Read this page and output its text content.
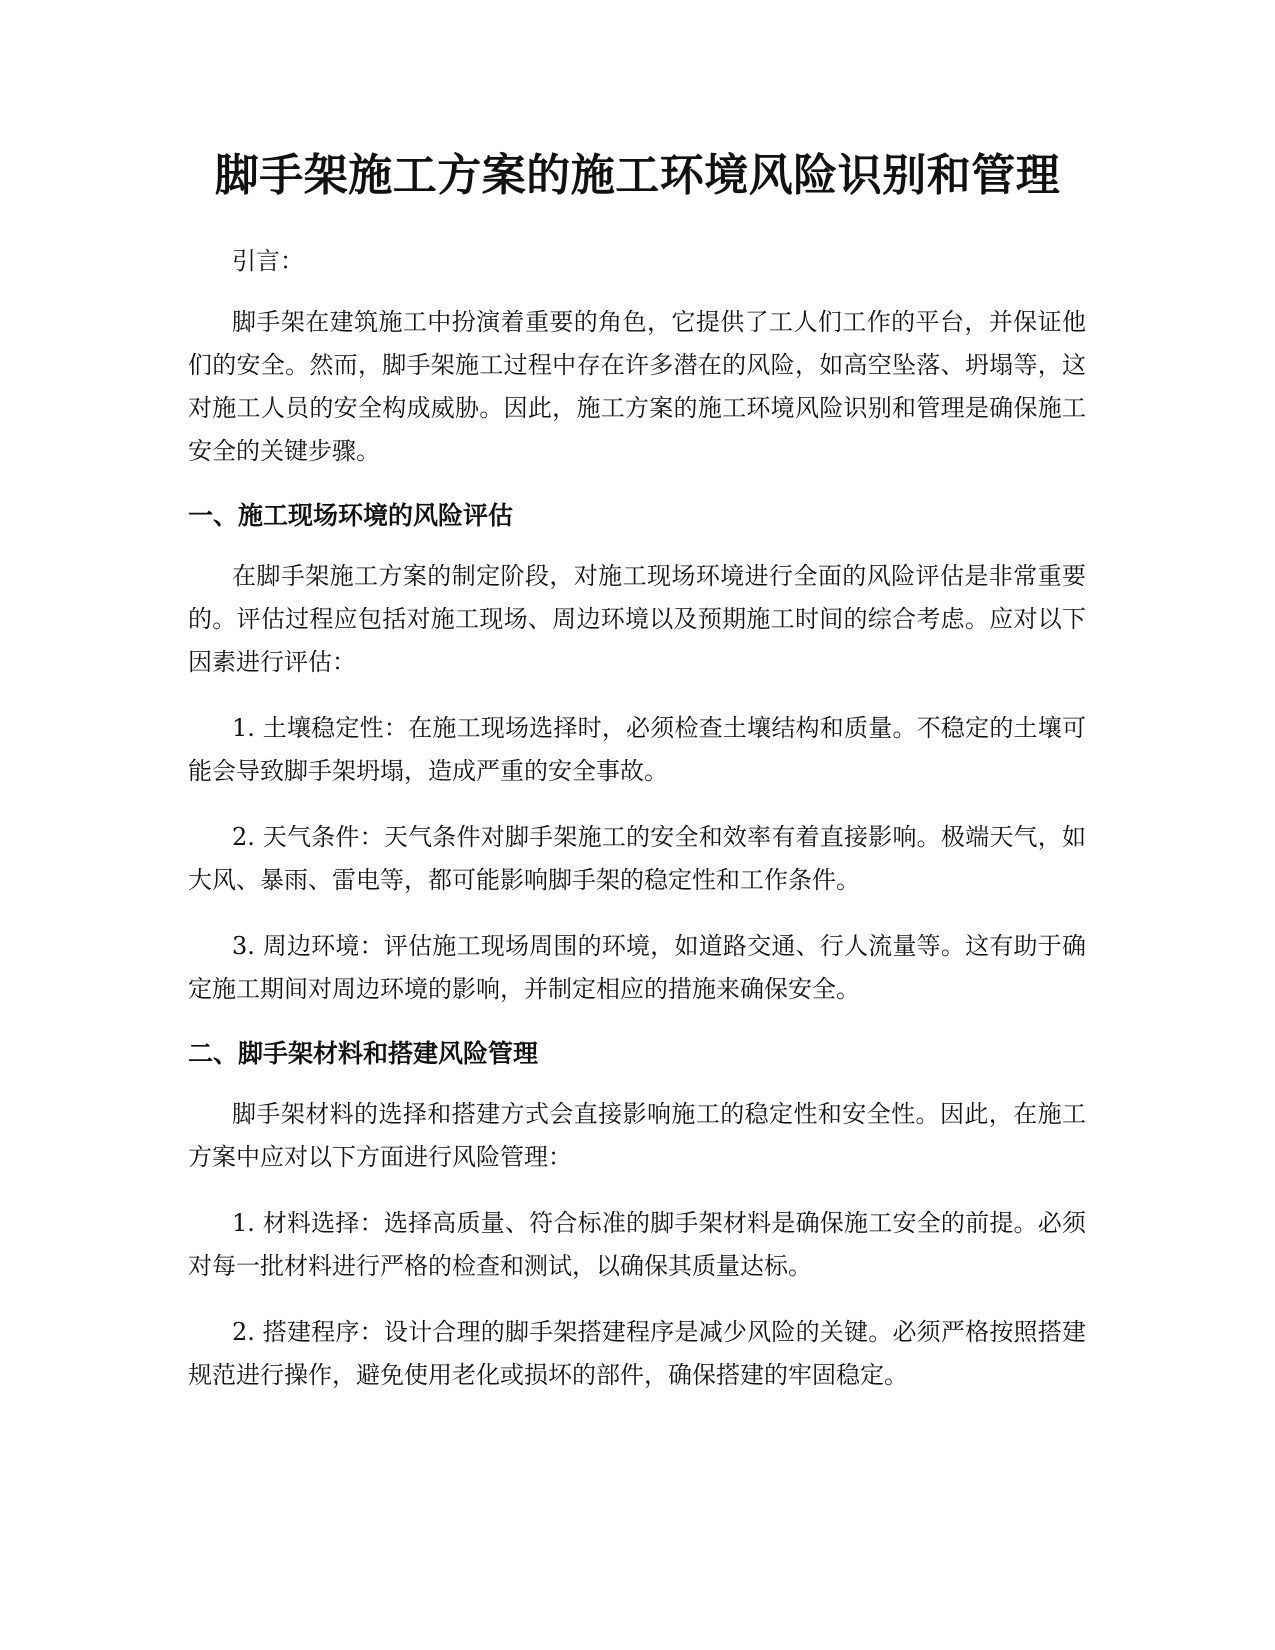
脚手架施工方案的施工环境风险识别和管理

引言：

脚手架在建筑施工中扮演着重要的角色，它提供了工人们工作的平台，并保证他们的安全。然而，脚手架施工过程中存在许多潜在的风险，如高空坠落、坍塌等，这对施工人员的安全构成威胁。因此，施工方案的施工环境风险识别和管理是确保施工安全的关键步骤。

一、施工现场环境的风险评估

在脚手架施工方案的制定阶段，对施工现场环境进行全面的风险评估是非常重要的。评估过程应包括对施工现场、周边环境以及预期施工时间的综合考虑。应对以下因素进行评估：

1. 土壤稳定性：在施工现场选择时，必须检查土壤结构和质量。不稳定的土壤可能会导致脚手架坍塌，造成严重的安全事故。

2. 天气条件：天气条件对脚手架施工的安全和效率有着直接影响。极端天气，如大风、暴雨、雷电等，都可能影响脚手架的稳定性和工作条件。

3. 周边环境：评估施工现场周围的环境，如道路交通、行人流量等。这有助于确定施工期间对周边环境的影响，并制定相应的措施来确保安全。

二、脚手架材料和搭建风险管理

脚手架材料的选择和搭建方式会直接影响施工的稳定性和安全性。因此，在施工方案中应对以下方面进行风险管理：

1. 材料选择：选择高质量、符合标准的脚手架材料是确保施工安全的前提。必须对每一批材料进行严格的检查和测试，以确保其质量达标。

2. 搭建程序：设计合理的脚手架搭建程序是减少风险的关键。必须严格按照搭建规范进行操作，避免使用老化或损坏的部件，确保搭建的牢固稳定。
